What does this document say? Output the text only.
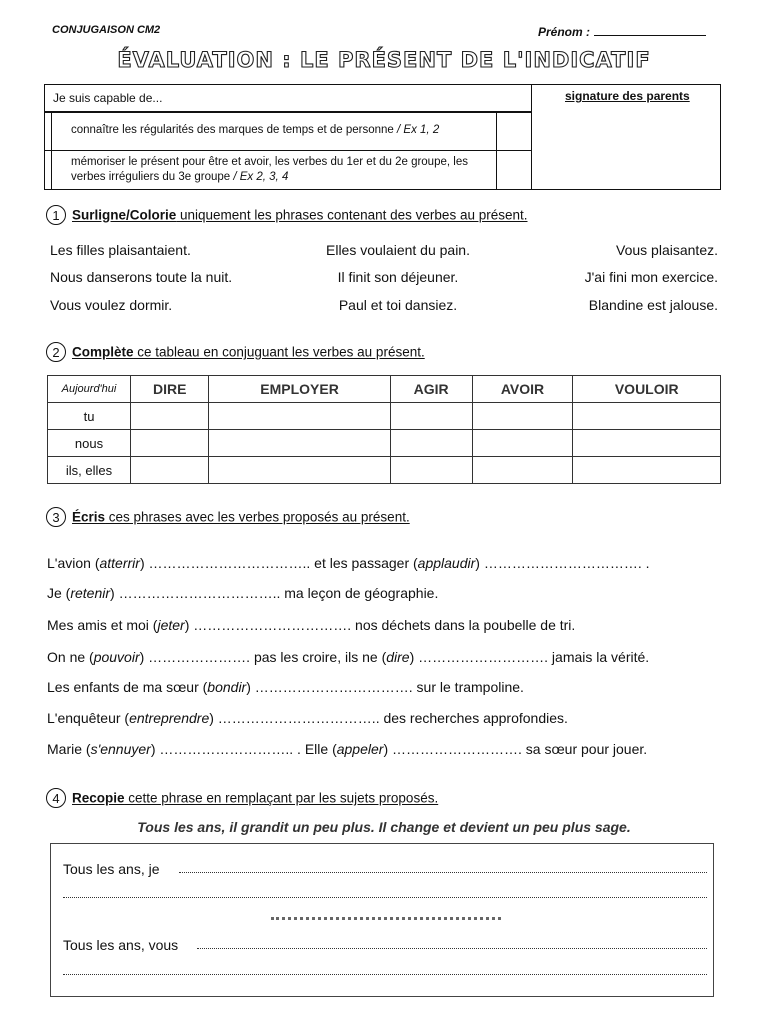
CONJUGAISON CM2	Prénom :
ÉVALUATION : LE PRÉSENT DE L'INDICATIF
Je suis capable de...	signature des parents
connaître les régularités des marques de temps et de personne / Ex 1, 2
mémoriser le présent pour être et avoir, les verbes du 1er et du 2e groupe, les verbes irréguliers du 3e groupe / Ex 2, 3, 4
1 Surligne/Colorie uniquement les phrases contenant des verbes au présent.
Les filles plaisantaient.	Elles voulaient du pain.	Vous plaisantez.
Nous danserons toute la nuit.	Il finit son déjeuner.	J'ai fini mon exercice.
Vous voulez dormir.	Paul et toi dansiez.	Blandine est jalouse.
2 Complète ce tableau en conjuguant les verbes au présent.
Aujourd'hui	DIRE	EMPLOYER	AGIR	AVOIR	VOULOIR
tu					
nous					
ils, elles					
3 Écris ces phrases avec les verbes proposés au présent.
L'avion (atterrir) …………………………….. et les passager (applaudir) ……………………………. .
Je (retenir) …………………………….. ma leçon de géographie.
Mes amis et moi (jeter) ……………………………. nos déchets dans la poubelle de tri.
On ne (pouvoir) …………………. pas les croire, ils ne (dire) ………………………. jamais la vérité.
Les enfants de ma sœur (bondir) ……………………………. sur le trampoline.
L'enquêteur (entreprendre) …………………………….. des recherches approfondies.
Marie (s'ennuyer) ……………………….. . Elle (appeler) ………………………. sa sœur pour jouer.
4 Recopie cette phrase en remplaçant par les sujets proposés.
Tous les ans, il grandit un peu plus. Il change et devient un peu plus sage.
Tous les ans, je
Tous les ans, vous
